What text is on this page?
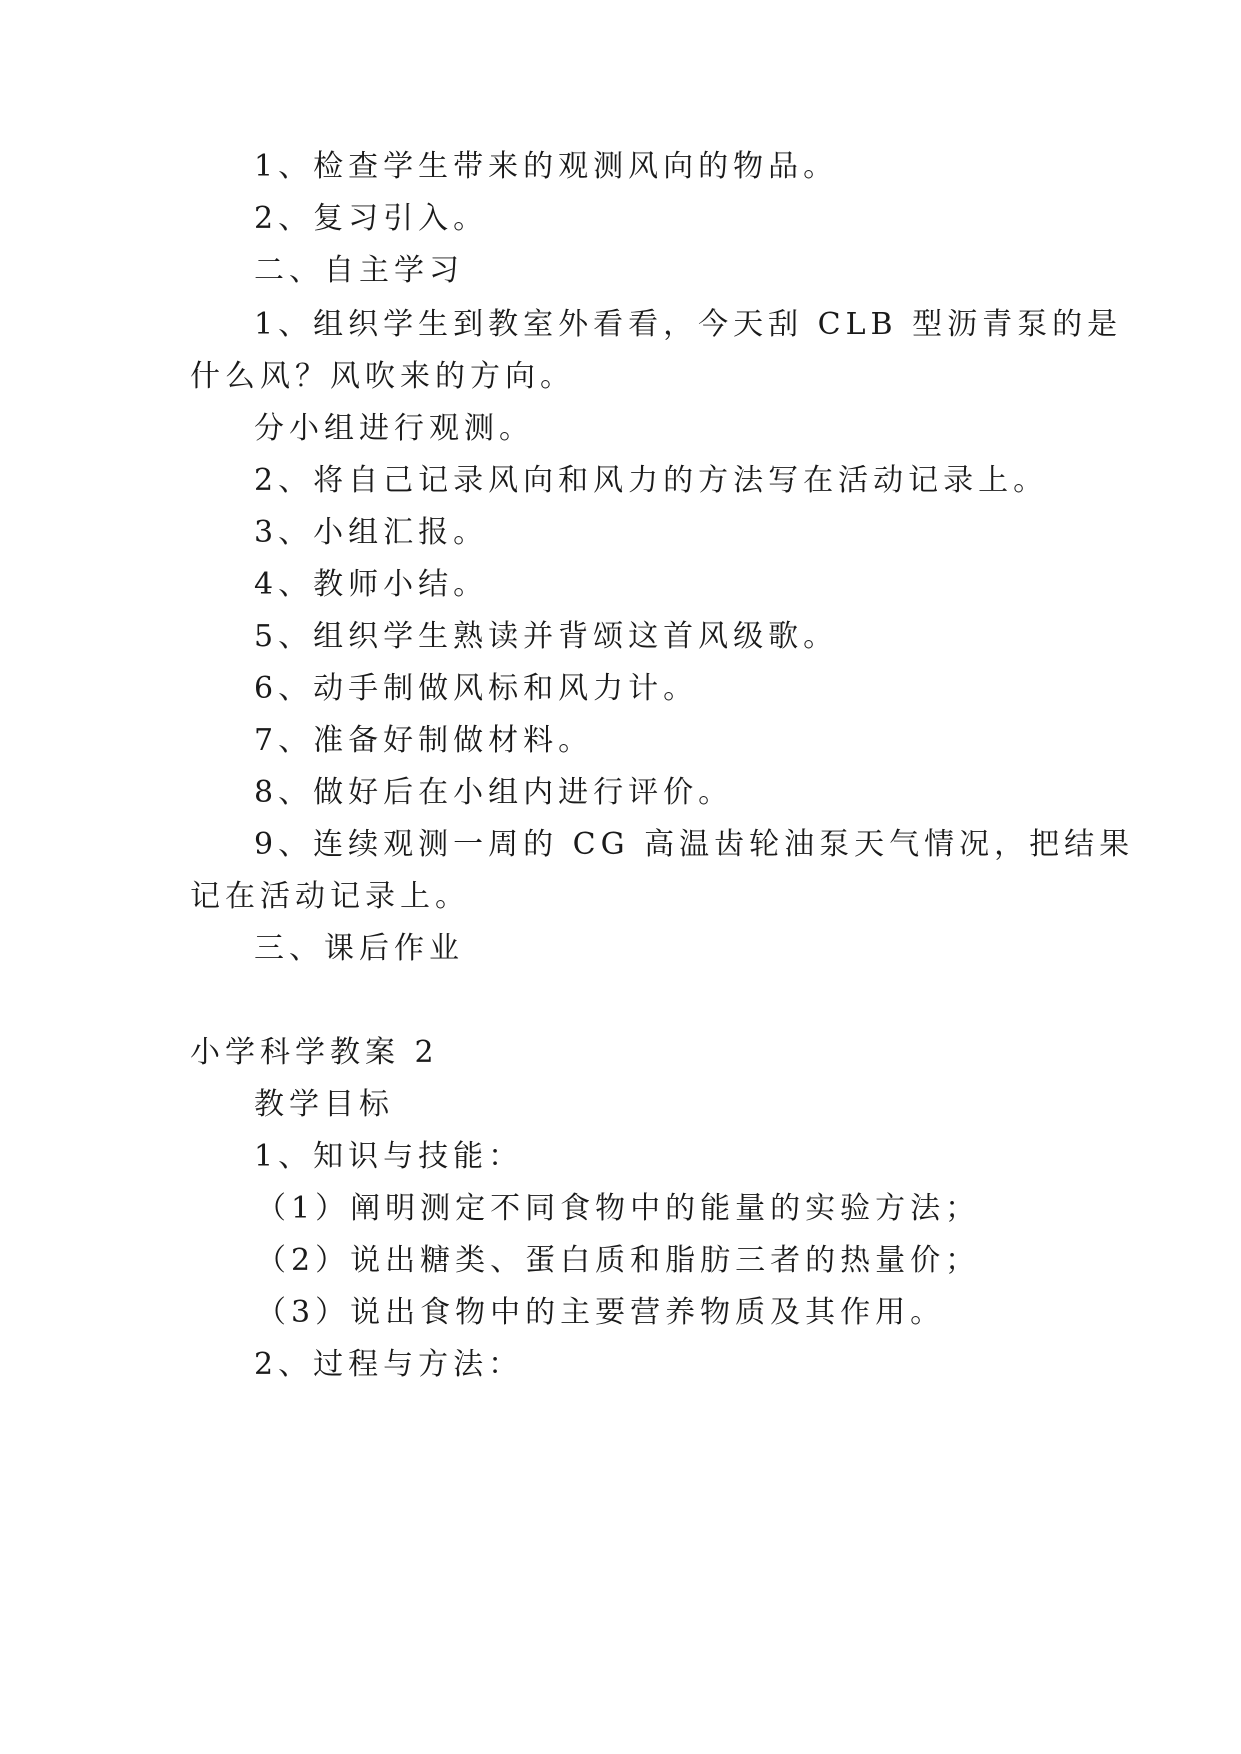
1、检查学生带来的观测风向的物品。
2、复习引入。
二、自主学习
1、组织学生到教室外看看，今天刮 CLB 型沥青泵的是
什么风？风吹来的方向。
分小组进行观测。
2、将自己记录风向和风力的方法写在活动记录上。
3、小组汇报。
4、教师小结。
5、组织学生熟读并背颂这首风级歌。
6、动手制做风标和风力计。
7、准备好制做材料。
8、做好后在小组内进行评价。
9、连续观测一周的 CG 高温齿轮油泵天气情况，把结果
记在活动记录上。
三、课后作业
小学科学教案 2
教学目标
1、知识与技能：
（1）阐明测定不同食物中的能量的实验方法；
（2）说出糖类、蛋白质和脂肪三者的热量价；
（3）说出食物中的主要营养物质及其作用。
2、过程与方法：
